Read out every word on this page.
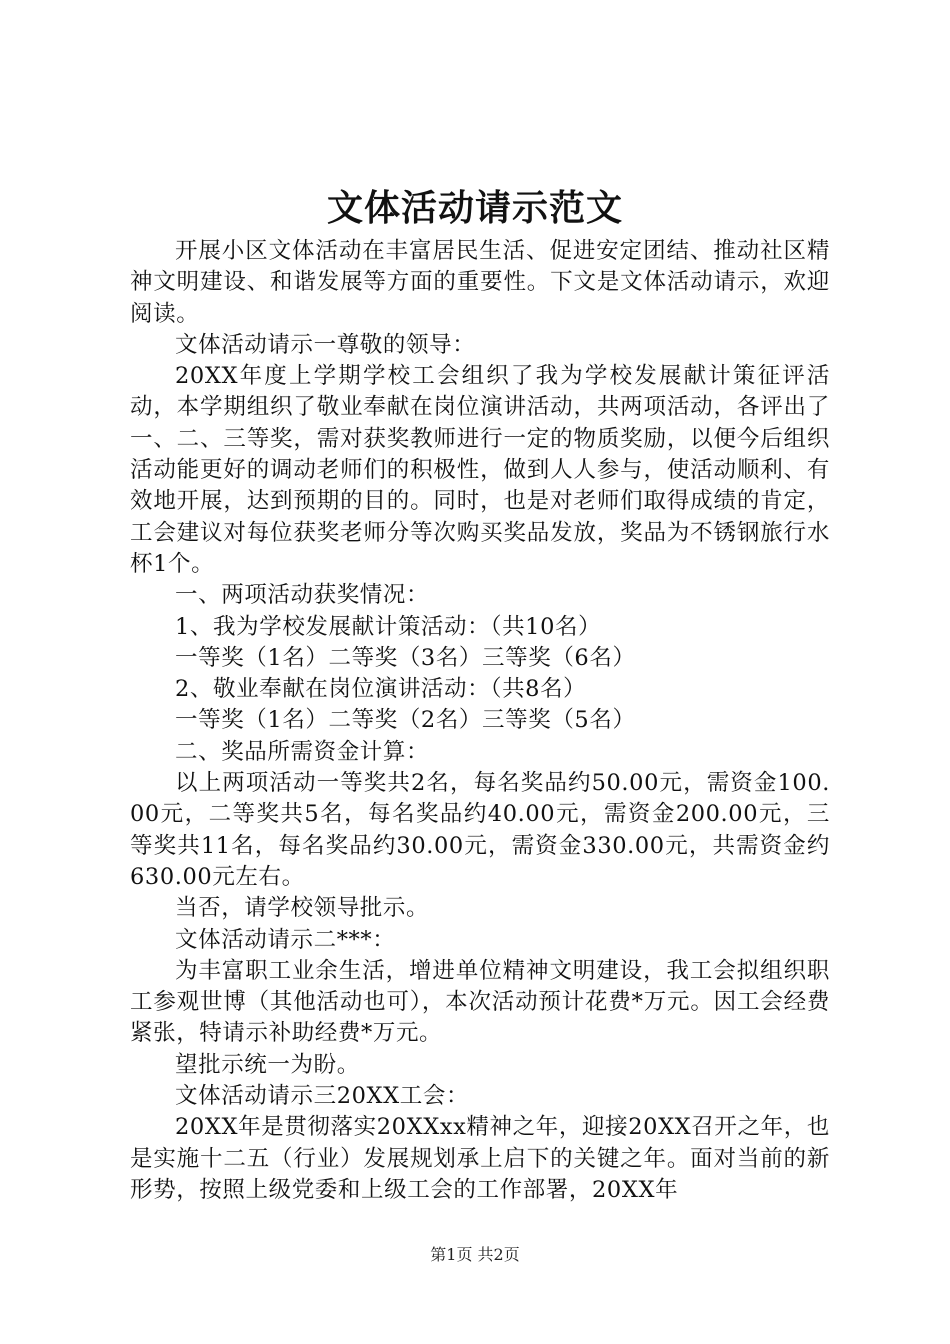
文体活动请示范文

开展小区文体活动在丰富居民生活、促进安定团结、推动社区精神文明建设、和谐发展等方面的重要性。下文是文体活动请示，欢迎阅读。

文体活动请示一尊敬的领导：

20XX年度上学期学校工会组织了我为学校发展献计策征评活动，本学期组织了敬业奉献在岗位演讲活动，共两项活动，各评出了一、二、三等奖，需对获奖教师进行一定的物质奖励，以便今后组织活动能更好的调动老师们的积极性，做到人人参与，使活动顺利、有效地开展，达到预期的目的。同时，也是对老师们取得成绩的肯定，工会建议对每位获奖老师分等次购买奖品发放，奖品为不锈钢旅行水杯1个。

一、两项活动获奖情况：

1、我为学校发展献计策活动：（共10名）

一等奖（1名）二等奖（3名）三等奖（6名）

2、敬业奉献在岗位演讲活动：（共8名）

一等奖（1名）二等奖（2名）三等奖（5名）

二、奖品所需资金计算：

以上两项活动一等奖共2名，每名奖品约50.00元，需资金100.00元，二等奖共5名，每名奖品约40.00元，需资金200.00元，三等奖共11名，每名奖品约30.00元，需资金330.00元，共需资金约630.00元左右。

当否，请学校领导批示。

文体活动请示二***：

为丰富职工业余生活，增进单位精神文明建设，我工会拟组织职工参观世博（其他活动也可），本次活动预计花费*万元。因工会经费紧张，特请示补助经费*万元。

望批示统一为盼。

文体活动请示三20XX工会：

20XX年是贯彻落实20XXxx精神之年，迎接20XX召开之年，也是实施十二五（行业）发展规划承上启下的关键之年。面对当前的新形势，按照上级党委和上级工会的工作部署，20XX年

第1页 共2页
